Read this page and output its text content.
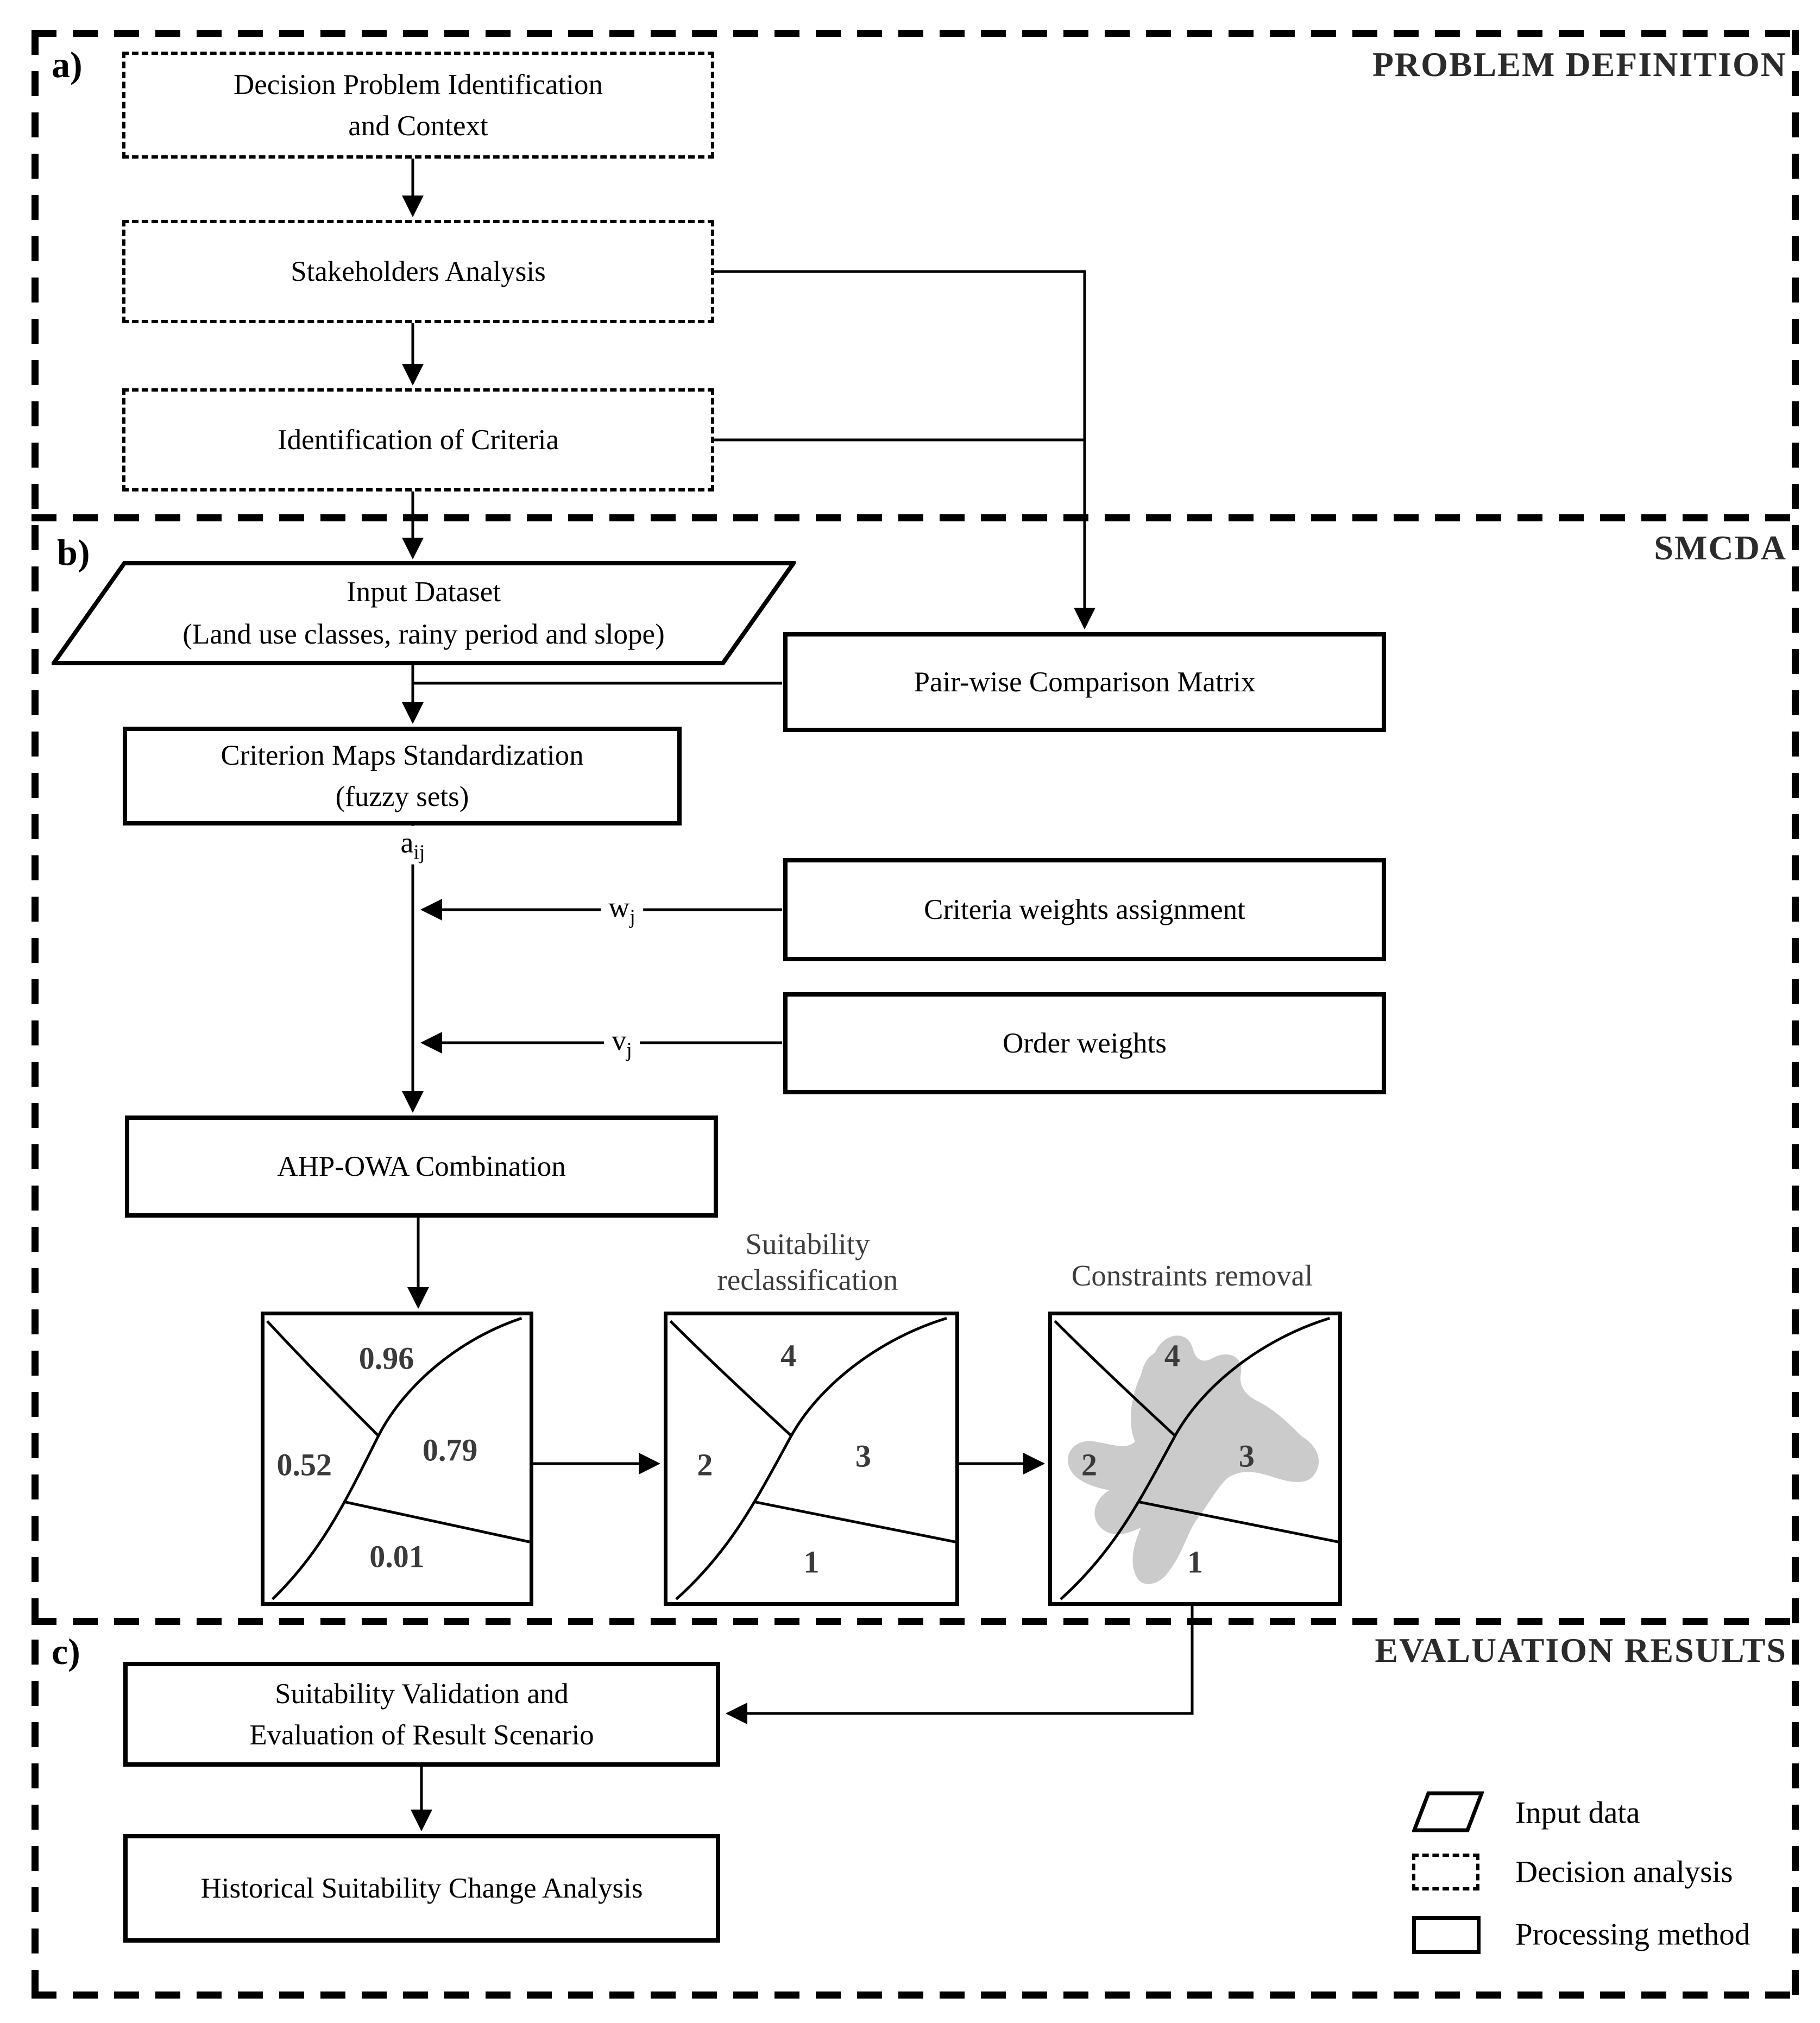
a)
b)
c)
PROBLEM DEFINITION
SMCDA
EVALUATION RESULTS
Decision Problem Identification
and Context
Stakeholders Analysis
Identification of Criteria
Input Dataset
(Land use classes, rainy period and slope)
Pair-wise Comparison Matrix
Criterion Maps Standardization
(fuzzy sets)
Criteria weights assignment
Order weights
AHP-OWA Combination
$a_{ij}$
$w_j$
$v_j$
Suitability
reclassification	Constraints removal
0.96
0.52	0.79
0.01
4
2	3
1
4
2	3
1
Suitability Validation and
Evaluation of Result Scenario
Historical Suitability Change Analysis
Input data
Decision analysis
Processing method
